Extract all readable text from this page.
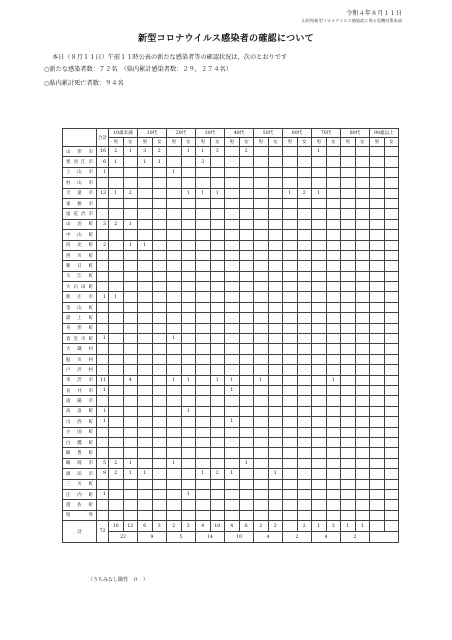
令和４年８月１１日
山形県新型コロナウイルス感染症に係る危機対策本部
新型コロナウイルス感染者の確認について
本日（８月１１日）午前１１時公表の新たな感染者等の確認状況は，次のとおりです
○新たな感染者数：７２名　（県内累計感染者数：２９，２７４名）
○県内累計死亡者数：９４名
	合計	10歳未満		10代		20代		30代		40代		50代		60代		70代		80代		90歳以上	
		男	女	男	女	男	女	男	女	男	女	男	女	男	女	男	女	男	女	男	女
山形市	16	2	1	3	2		1	1	3		2					1					
寒河江市	6	1		1	1			3													
上山市	1					1															
村山市																					
天童市	13	1	2				1	1	1					1	2	1					
東根市																					
尾花沢市																					
山辺町	3	2	1																		
中山町																					
河北町	2		1	1																	
西川町																					
朝日町																					
大江町																					
大石田町																					
新庄市	1	1																			
金山町																					
最上町																					
舟形町																					
真室川町	1					1															
大蔵村																					
鮭川村																					
戸沢村																					
米沢市	11		4			1	1		1	1		1					1				
長井市	1									1											
南陽市																					
高畠町	1						1														
川西町	1									1											
小国町																					
白鷹町																					
飯豊町																					
鶴岡市	5	2	1			1					1										
酒田市	9	2	1	1				1	2	1			1								
三川町																					
庄内町	1						1														
遊佐町																					
県外																					
計	72	10	12	6	3	2	3	4	10	4	6	2	2		2	1	3	1	1		
		22		9		5		14		10		4		2		4		2			
（うちみなし陽性　０　）
